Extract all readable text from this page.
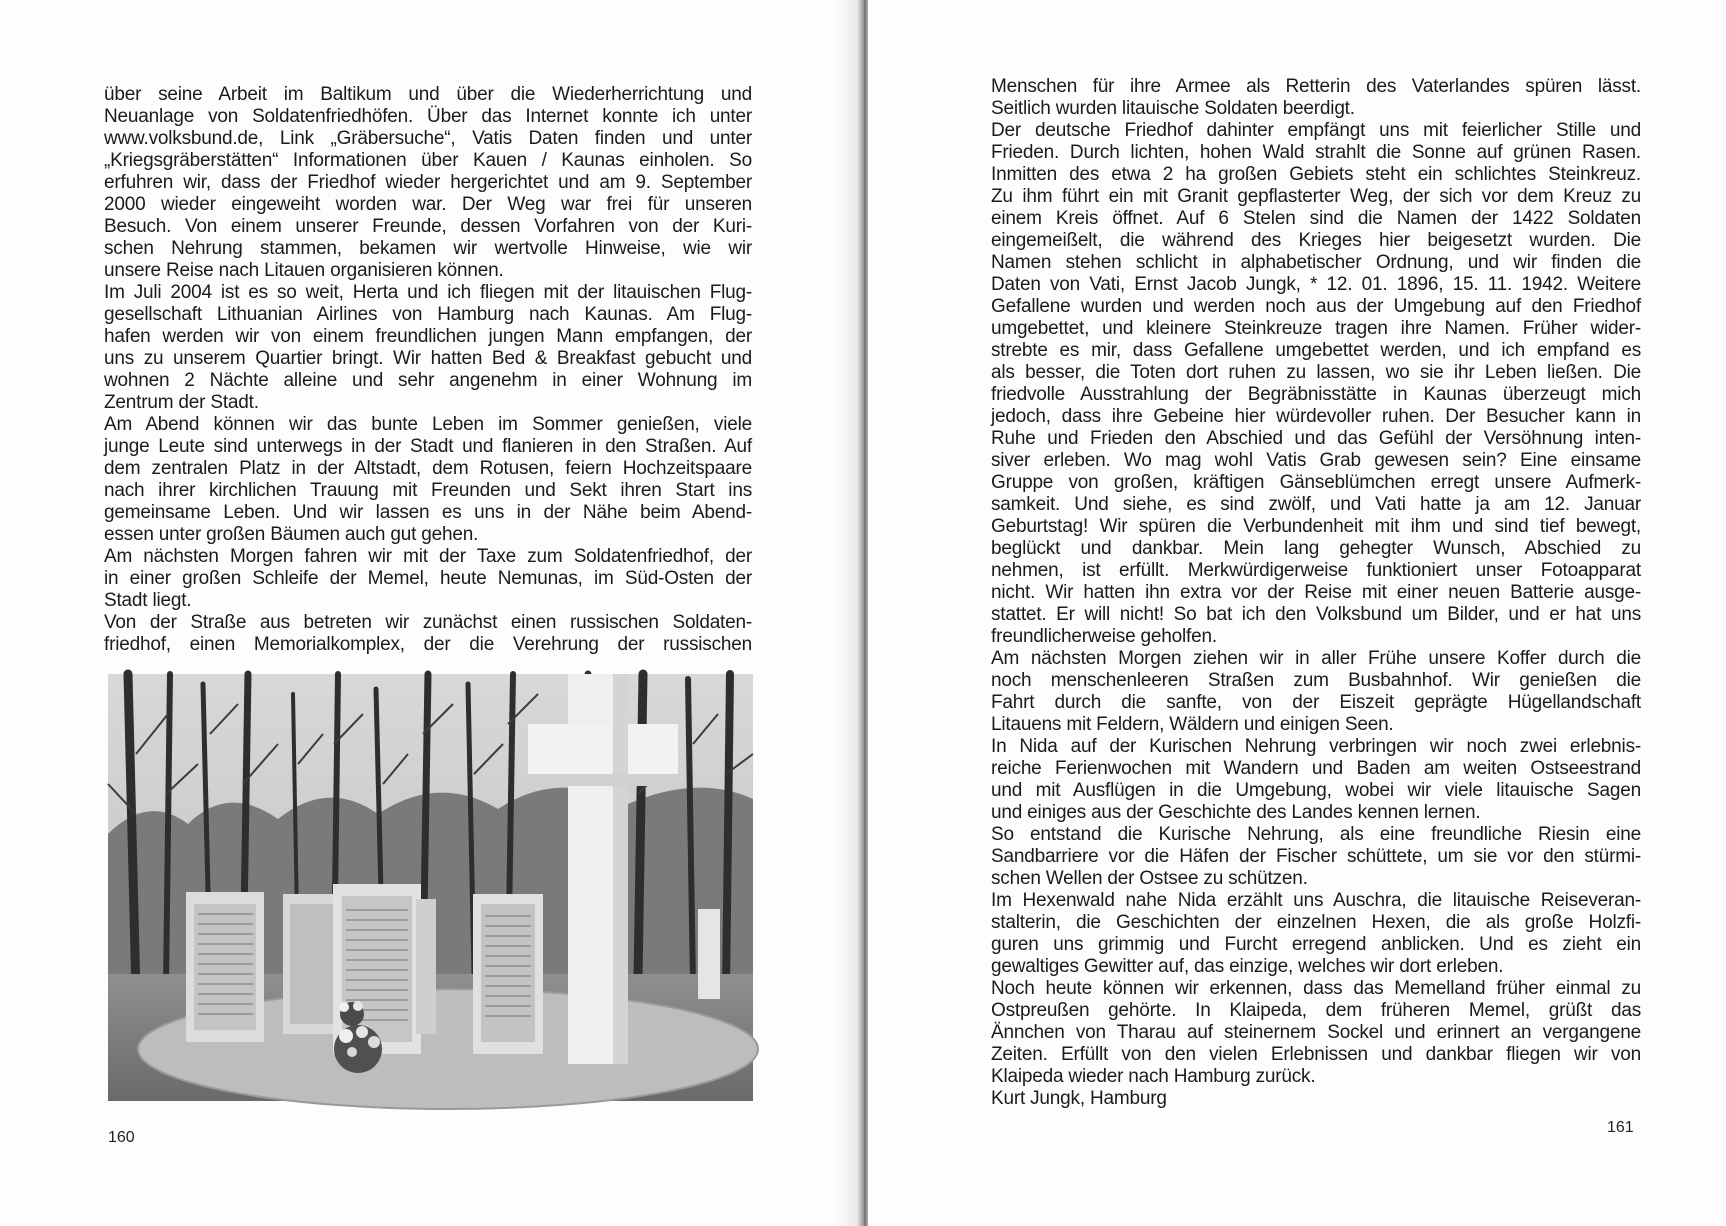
über seine Arbeit im Baltikum und über die Wiederherrichtung und
Neuanlage von Soldatenfriedhöfen. Über das Internet konnte ich unter
www.volksbund.de, Link „Gräbersuche“, Vatis Daten finden und unter
„Kriegsgräberstätten“ Informationen über Kauen / Kaunas einholen. So
erfuhren wir, dass der Friedhof wieder hergerichtet und am 9. September
2000 wieder eingeweiht worden war. Der Weg war frei für unseren
Besuch. Von einem unserer Freunde, dessen Vorfahren von der Kuri-
schen Nehrung stammen, bekamen wir wertvolle Hinweise, wie wir
unsere Reise nach Litauen organisieren können.
Im Juli 2004 ist es so weit, Herta und ich fliegen mit der litauischen Flug-
gesellschaft Lithuanian Airlines von Hamburg nach Kaunas. Am Flug-
hafen werden wir von einem freundlichen jungen Mann empfangen, der
uns zu unserem Quartier bringt. Wir hatten Bed & Breakfast gebucht und
wohnen 2 Nächte alleine und sehr angenehm in einer Wohnung im
Zentrum der Stadt.
Am Abend können wir das bunte Leben im Sommer genießen, viele
junge Leute sind unterwegs in der Stadt und flanieren in den Straßen. Auf
dem zentralen Platz in der Altstadt, dem Rotusen, feiern Hochzeitspaare
nach ihrer kirchlichen Trauung mit Freunden und Sekt ihren Start ins
gemeinsame Leben. Und wir lassen es uns in der Nähe beim Abend-
essen unter großen Bäumen auch gut gehen.
Am nächsten Morgen fahren wir mit der Taxe zum Soldatenfriedhof, der
in einer großen Schleife der Memel, heute Nemunas, im Süd-Osten der
Stadt liegt.
Von der Straße aus betreten wir zunächst einen russischen Soldaten-
friedhof, einen Memorialkomplex, der die Verehrung der russischen
160
Menschen für ihre Armee als Retterin des Vaterlandes spüren lässt.
Seitlich wurden litauische Soldaten beerdigt.
Der deutsche Friedhof dahinter empfängt uns mit feierlicher Stille und
Frieden. Durch lichten, hohen Wald strahlt die Sonne auf grünen Rasen.
Inmitten des etwa 2 ha großen Gebiets steht ein schlichtes Steinkreuz.
Zu ihm führt ein mit Granit gepflasterter Weg, der sich vor dem Kreuz zu
einem Kreis öffnet. Auf 6 Stelen sind die Namen der 1422 Soldaten
eingemeißelt, die während des Krieges hier beigesetzt wurden. Die
Namen stehen schlicht in alphabetischer Ordnung, und wir finden die
Daten von Vati, Ernst Jacob Jungk, * 12. 01. 1896, 15. 11. 1942. Weitere
Gefallene wurden und werden noch aus der Umgebung auf den Friedhof
umgebettet, und kleinere Steinkreuze tragen ihre Namen. Früher wider-
strebte es mir, dass Gefallene umgebettet werden, und ich empfand es
als besser, die Toten dort ruhen zu lassen, wo sie ihr Leben ließen. Die
friedvolle Ausstrahlung der Begräbnisstätte in Kaunas überzeugt mich
jedoch, dass ihre Gebeine hier würdevoller ruhen. Der Besucher kann in
Ruhe und Frieden den Abschied und das Gefühl der Versöhnung inten-
siver erleben. Wo mag wohl Vatis Grab gewesen sein? Eine einsame
Gruppe von großen, kräftigen Gänseblümchen erregt unsere Aufmerk-
samkeit. Und siehe, es sind zwölf, und Vati hatte ja am 12. Januar
Geburtstag! Wir spüren die Verbundenheit mit ihm und sind tief bewegt,
beglückt und dankbar. Mein lang gehegter Wunsch, Abschied zu
nehmen, ist erfüllt. Merkwürdigerweise funktioniert unser Fotoapparat
nicht. Wir hatten ihn extra vor der Reise mit einer neuen Batterie ausge-
stattet. Er will nicht! So bat ich den Volksbund um Bilder, und er hat uns
freundlicherweise geholfen.
Am nächsten Morgen ziehen wir in aller Frühe unsere Koffer durch die
noch menschenleeren Straßen zum Busbahnhof. Wir genießen die
Fahrt durch die sanfte, von der Eiszeit geprägte Hügellandschaft
Litauens mit Feldern, Wäldern und einigen Seen.
In Nida auf der Kurischen Nehrung verbringen wir noch zwei erlebnis-
reiche Ferienwochen mit Wandern und Baden am weiten Ostseestrand
und mit Ausflügen in die Umgebung, wobei wir viele litauische Sagen
und einiges aus der Geschichte des Landes kennen lernen.
So entstand die Kurische Nehrung, als eine freundliche Riesin eine
Sandbarriere vor die Häfen der Fischer schüttete, um sie vor den stürmi-
schen Wellen der Ostsee zu schützen.
Im Hexenwald nahe Nida erzählt uns Auschra, die litauische Reiseveran-
stalterin, die Geschichten der einzelnen Hexen, die als große Holzfi-
guren uns grimmig und Furcht erregend anblicken. Und es zieht ein
gewaltiges Gewitter auf, das einzige, welches wir dort erleben.
Noch heute können wir erkennen, dass das Memelland früher einmal zu
Ostpreußen gehörte. In Klaipeda, dem früheren Memel, grüßt das
Ännchen von Tharau auf steinernem Sockel und erinnert an vergangene
Zeiten. Erfüllt von den vielen Erlebnissen und dankbar fliegen wir von
Klaipeda wieder nach Hamburg zurück.
Kurt Jungk, Hamburg
161
